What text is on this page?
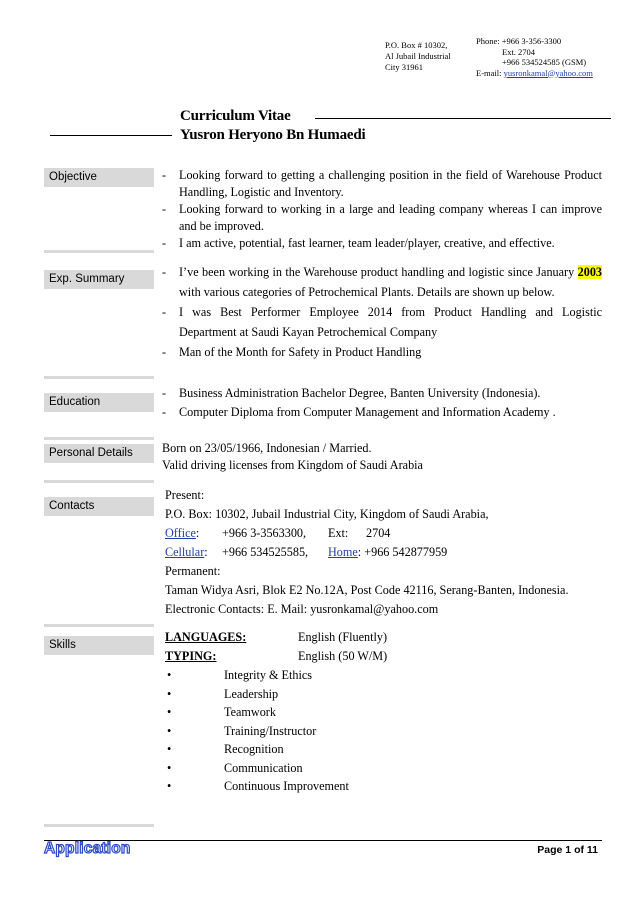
P.O. Box # 10302,
Al Jubail Industrial
City 31961
Phone: +966 3-356-3300
Ext. 2704
+966 534524585 (GSM)
E-mail: yusronkamal@yahoo.com
Curriculum Vitae
Yusron Heryono Bn Humaedi
Objective	-	Looking forward to getting a challenging position in the field of Warehouse Product Handling, Logistic and Inventory.
-	Looking forward to working in a large and leading company whereas I can improve and be improved.
-	I am active, potential, fast learner, team leader/player, creative, and effective.
Exp. Summary	-	I’ve been working in the Warehouse product handling and logistic since January 2003 with various categories of Petrochemical Plants. Details are shown up below.
-	I was Best Performer Employee 2014 from Product Handling and Logistic Department at Saudi Kayan Petrochemical Company
-	Man of the Month for Safety in Product Handling
Education
-	Business Administration Bachelor Degree, Banten University (Indonesia).
-	Computer Diploma from Computer Management and Information Academy .
Personal Details	Born on 23/05/1966, Indonesian / Married.
Valid driving licenses from Kingdom of Saudi Arabia
Contacts
Present:
P.O. Box: 10302, Jubail Industrial City, Kingdom of Saudi Arabia,
Office:	+966 3-3563300,	Ext:	2704
Cellular:	+966 534525585,	Home: +966 542877959
Permanent:
Taman Widya Asri, Blok E2 No.12A, Post Code 42116, Serang-Banten, Indonesia.
Electronic Contacts: E. Mail: yusronkamal@yahoo.com
Skills
LANGUAGES:	English (Fluently)
TYPING:	English (50 W/M)
•	Integrity & Ethics
•	Leadership
•	Teamwork
•	Training/Instructor
•	Recognition
•	Communication
•	Continuous Improvement
Application	Page 1 of 11
